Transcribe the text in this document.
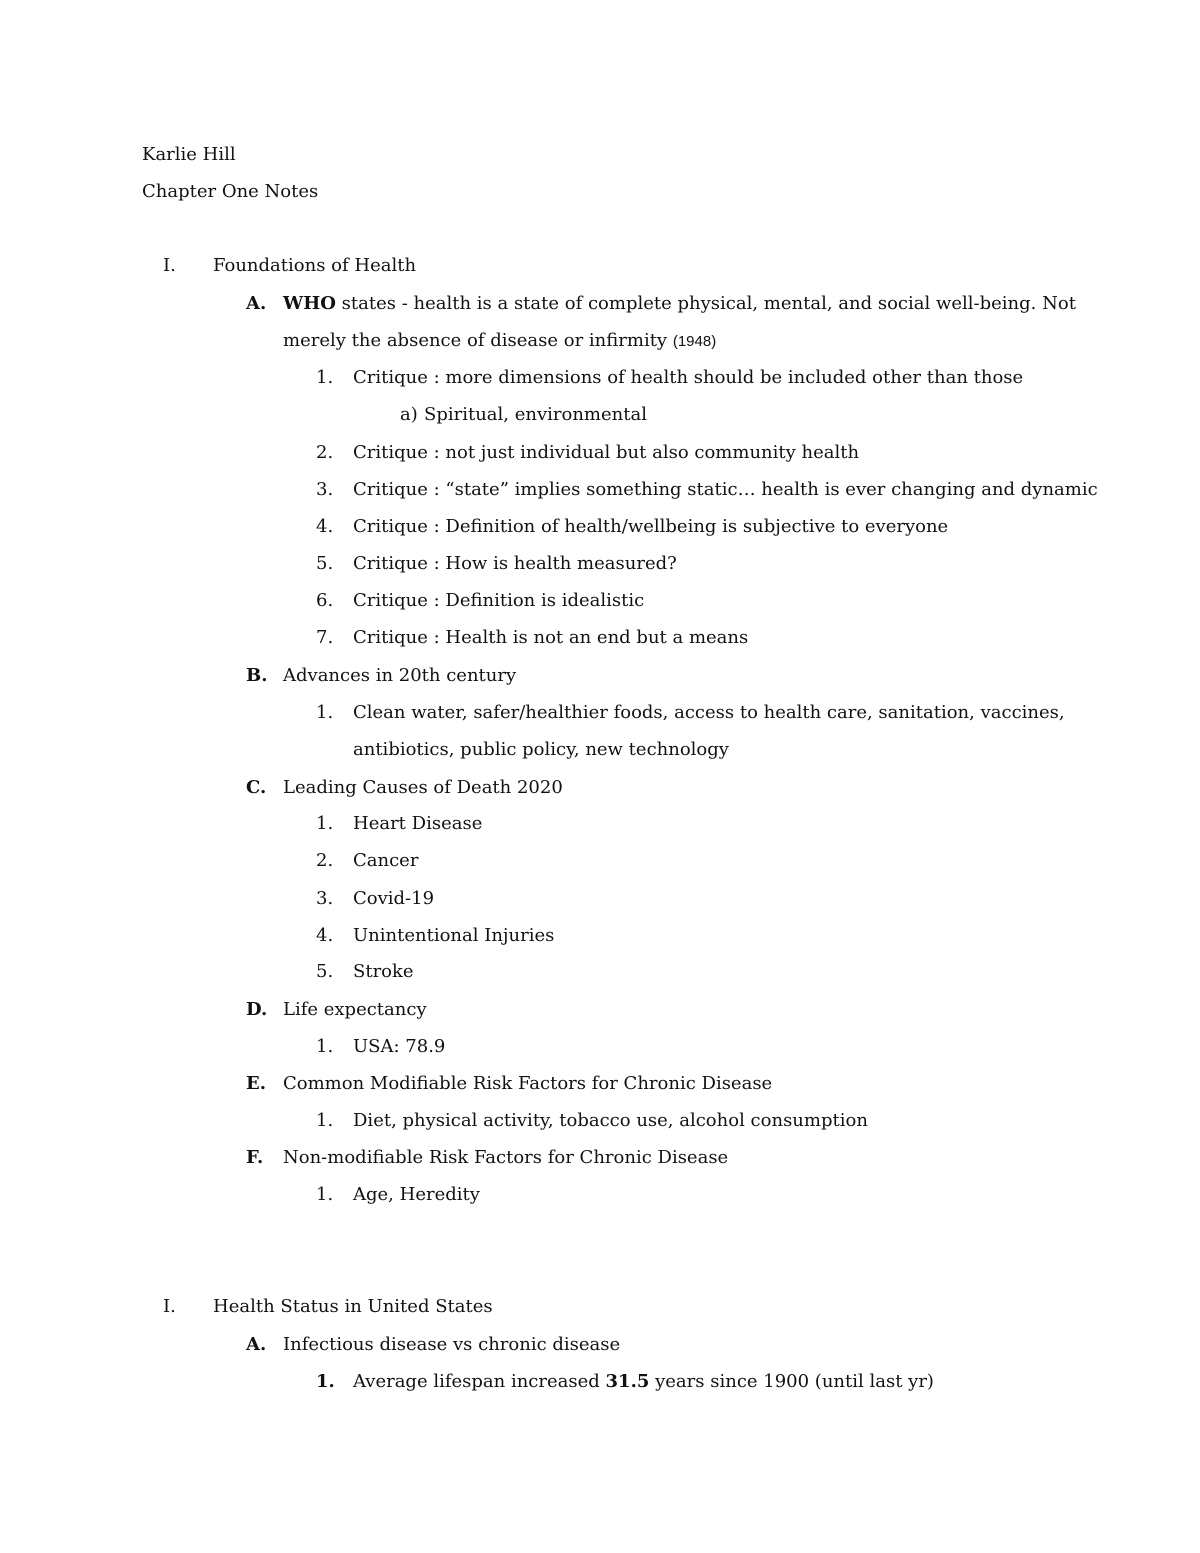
Karlie Hill
Chapter One Notes
I. Foundations of Health
A. WHO states - health is a state of complete physical, mental, and social well-being. Not
merely the absence of disease or infirmity (1948)
1. Critique : more dimensions of health should be included other than those
a) Spiritual, environmental
2. Critique : not just individual but also community health
3. Critique : “state” implies something static… health is ever changing and dynamic
4. Critique : Definition of health/wellbeing is subjective to everyone
5. Critique : How is health measured?
6. Critique : Definition is idealistic
7. Critique : Health is not an end but a means
B. Advances in 20th century
1. Clean water, safer/healthier foods, access to health care, sanitation, vaccines,
antibiotics, public policy, new technology
C. Leading Causes of Death 2020
1. Heart Disease
2. Cancer
3. Covid-19
4. Unintentional Injuries
5. Stroke
D. Life expectancy
1. USA: 78.9
E. Common Modifiable Risk Factors for Chronic Disease
1. Diet, physical activity, tobacco use, alcohol consumption
F. Non-modifiable Risk Factors for Chronic Disease
1. Age, Heredity
I. Health Status in United States
A. Infectious disease vs chronic disease
1. Average lifespan increased 31.5 years since 1900 (until last yr)
